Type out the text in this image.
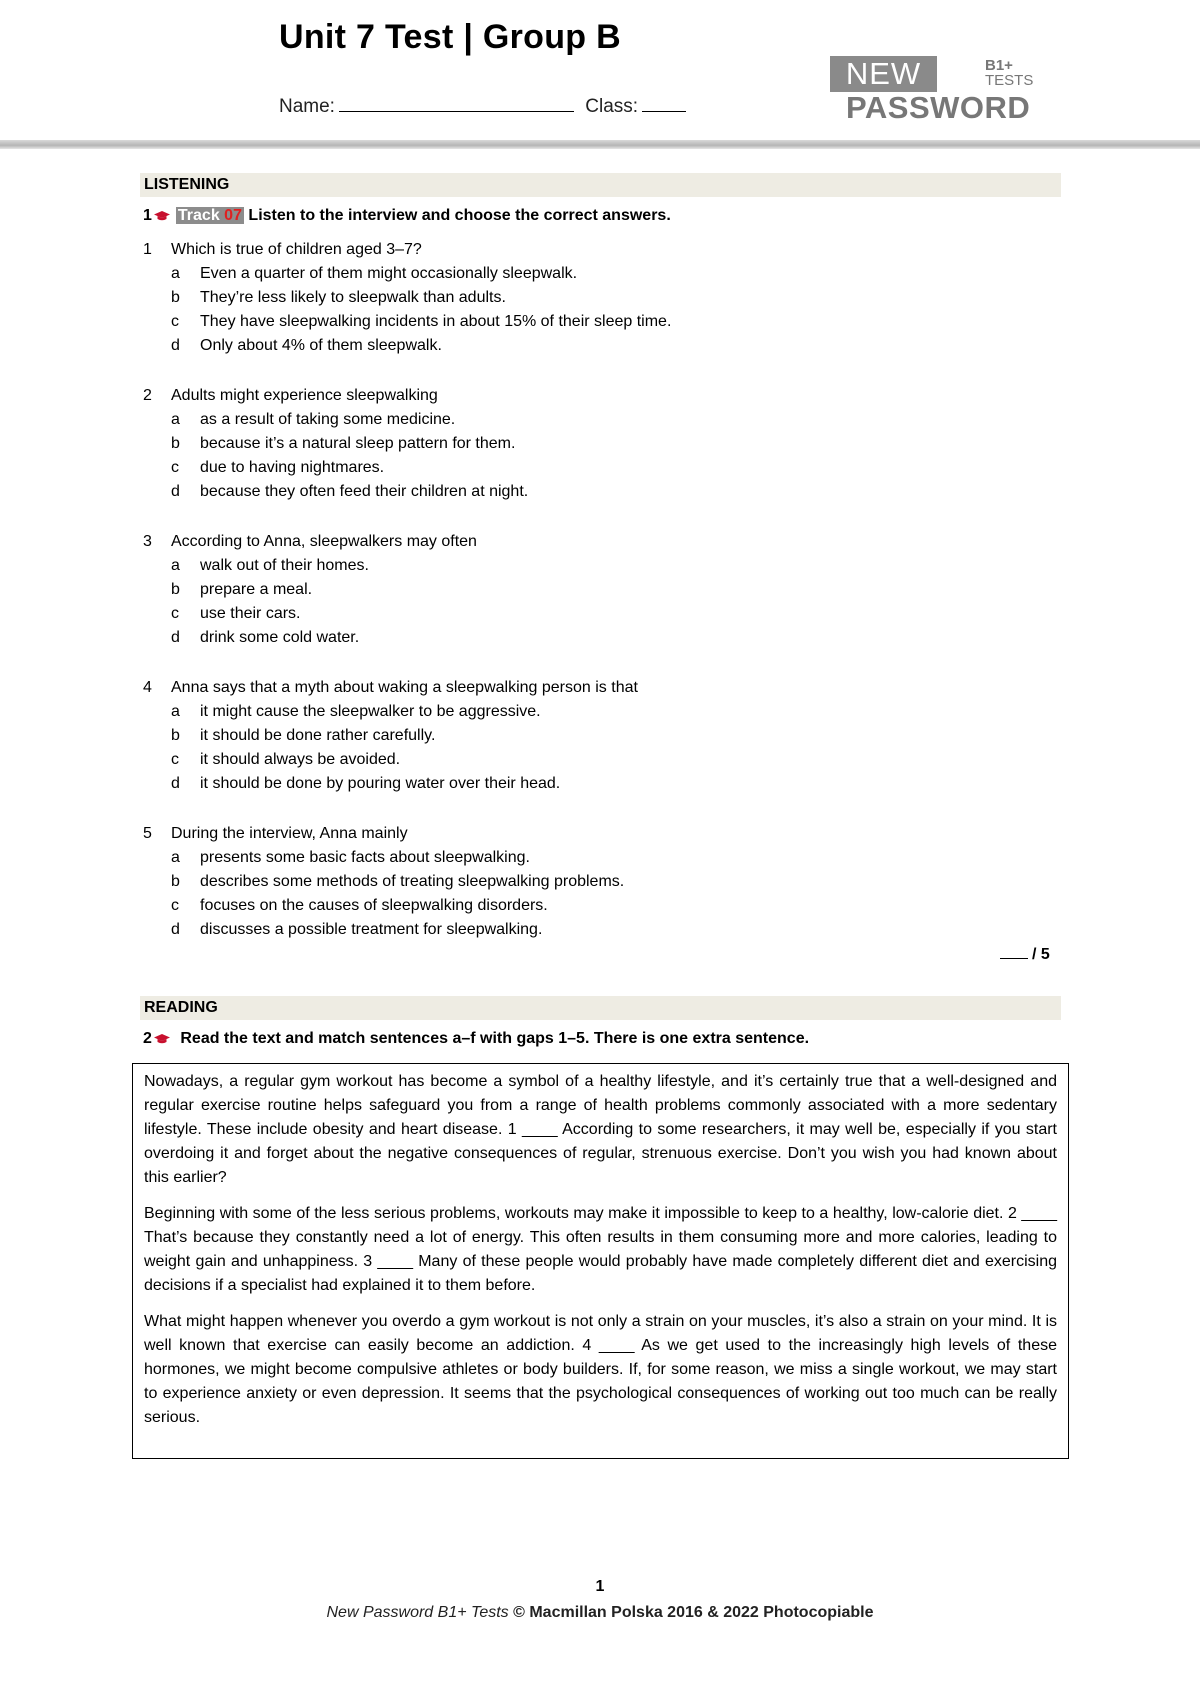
Unit 7 Test | Group B
Name:	Class:
NEW	B1+
TESTS
PASSWORD
LISTENING
1 Track 07 Listen to the interview and choose the correct answers.
1	Which is true of children aged 3–7?
a	Even a quarter of them might occasionally sleepwalk.
b	They’re less likely to sleepwalk than adults.
c	They have sleepwalking incidents in about 15% of their sleep time.
d	Only about 4% of them sleepwalk.
2	Adults might experience sleepwalking
a	as a result of taking some medicine.
b	because it’s a natural sleep pattern for them.
c	due to having nightmares.
d	because they often feed their children at night.
3	According to Anna, sleepwalkers may often
a	walk out of their homes.
b	prepare a meal.
c	use their cars.
d	drink some cold water.
4	Anna says that a myth about waking a sleepwalking person is that
a	it might cause the sleepwalker to be aggressive.
b	it should be done rather carefully.
c	it should always be avoided.
d	it should be done by pouring water over their head.
5	During the interview, Anna mainly
a	presents some basic facts about sleepwalking.
b	describes some methods of treating sleepwalking problems.
c	focuses on the causes of sleepwalking disorders.
d	discusses a possible treatment for sleepwalking.
/ 5
READING
2 Read the text and match sentences a–f with gaps 1–5. There is one extra sentence.

Nowadays, a regular gym workout has become a symbol of a healthy lifestyle, and it’s certainly true that a well-designed and regular exercise routine helps safeguard you from a range of health problems commonly associated with a more sedentary lifestyle. These include obesity and heart disease. 1 ____ According to some researchers, it may well be, especially if you start overdoing it and forget about the negative consequences of regular, strenuous exercise. Don’t you wish you had known about this earlier?

Beginning with some of the less serious problems, workouts may make it impossible to keep to a healthy, low-calorie diet. 2 ____ That’s because they constantly need a lot of energy. This often results in them consuming more and more calories, leading to weight gain and unhappiness. 3 ____ Many of these people would probably have made completely different diet and exercising decisions if a specialist had explained it to them before.

What might happen whenever you overdo a gym workout is not only a strain on your muscles, it’s also a strain on your mind. It is well known that exercise can easily become an addiction. 4 ____ As we get used to the increasingly high levels of these hormones, we might become compulsive athletes or body builders. If, for some reason, we miss a single workout, we may start to experience anxiety or even depression. It seems that the psychological consequences of working out too much can be really serious.

1
New Password B1+ Tests © Macmillan Polska 2016 & 2022 Photocopiable
